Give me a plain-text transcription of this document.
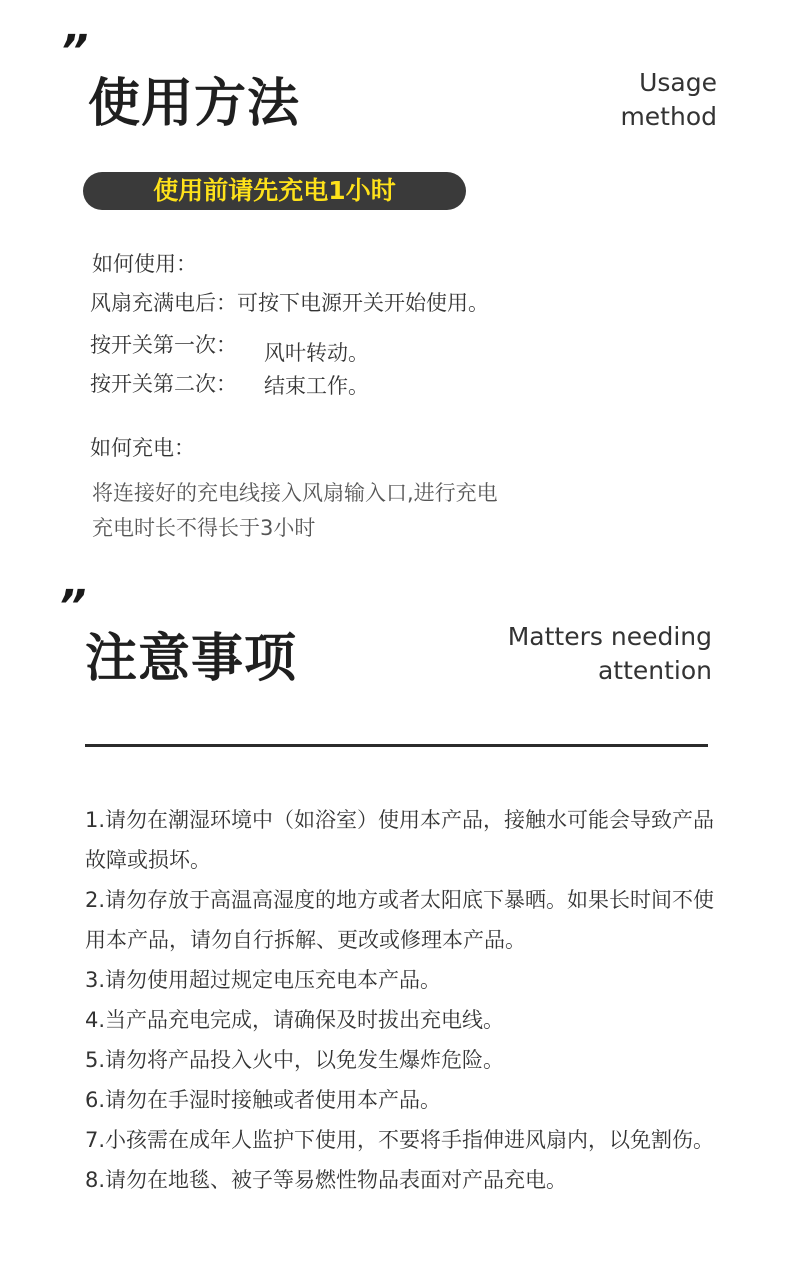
”
使用方法	Usage
method
使用前请先充电1小时
如何使用：
风扇充满电后：可按下电源开关开始使用。
按开关第一次： 风叶转动。
按开关第二次： 结束工作。
如何充电：
将连接好的充电线接入风扇输入口,进行充电
充电时长不得长于3小时
”
注意事项	Matters needing
attention
1.请勿在潮湿环境中（如浴室）使用本产品，接触水可能会导致产品故障或损坏。
2.请勿存放于高温高湿度的地方或者太阳底下暴晒。如果长时间不使用本产品，请勿自行拆解、更改或修理本产品。
3.请勿使用超过规定电压充电本产品。
4.当产品充电完成，请确保及时拔出充电线。
5.请勿将产品投入火中，以免发生爆炸危险。
6.请勿在手湿时接触或者使用本产品。
7.小孩需在成年人监护下使用，不要将手指伸进风扇内，以免割伤。
8.请勿在地毯、被子等易燃性物品表面对产品充电。
